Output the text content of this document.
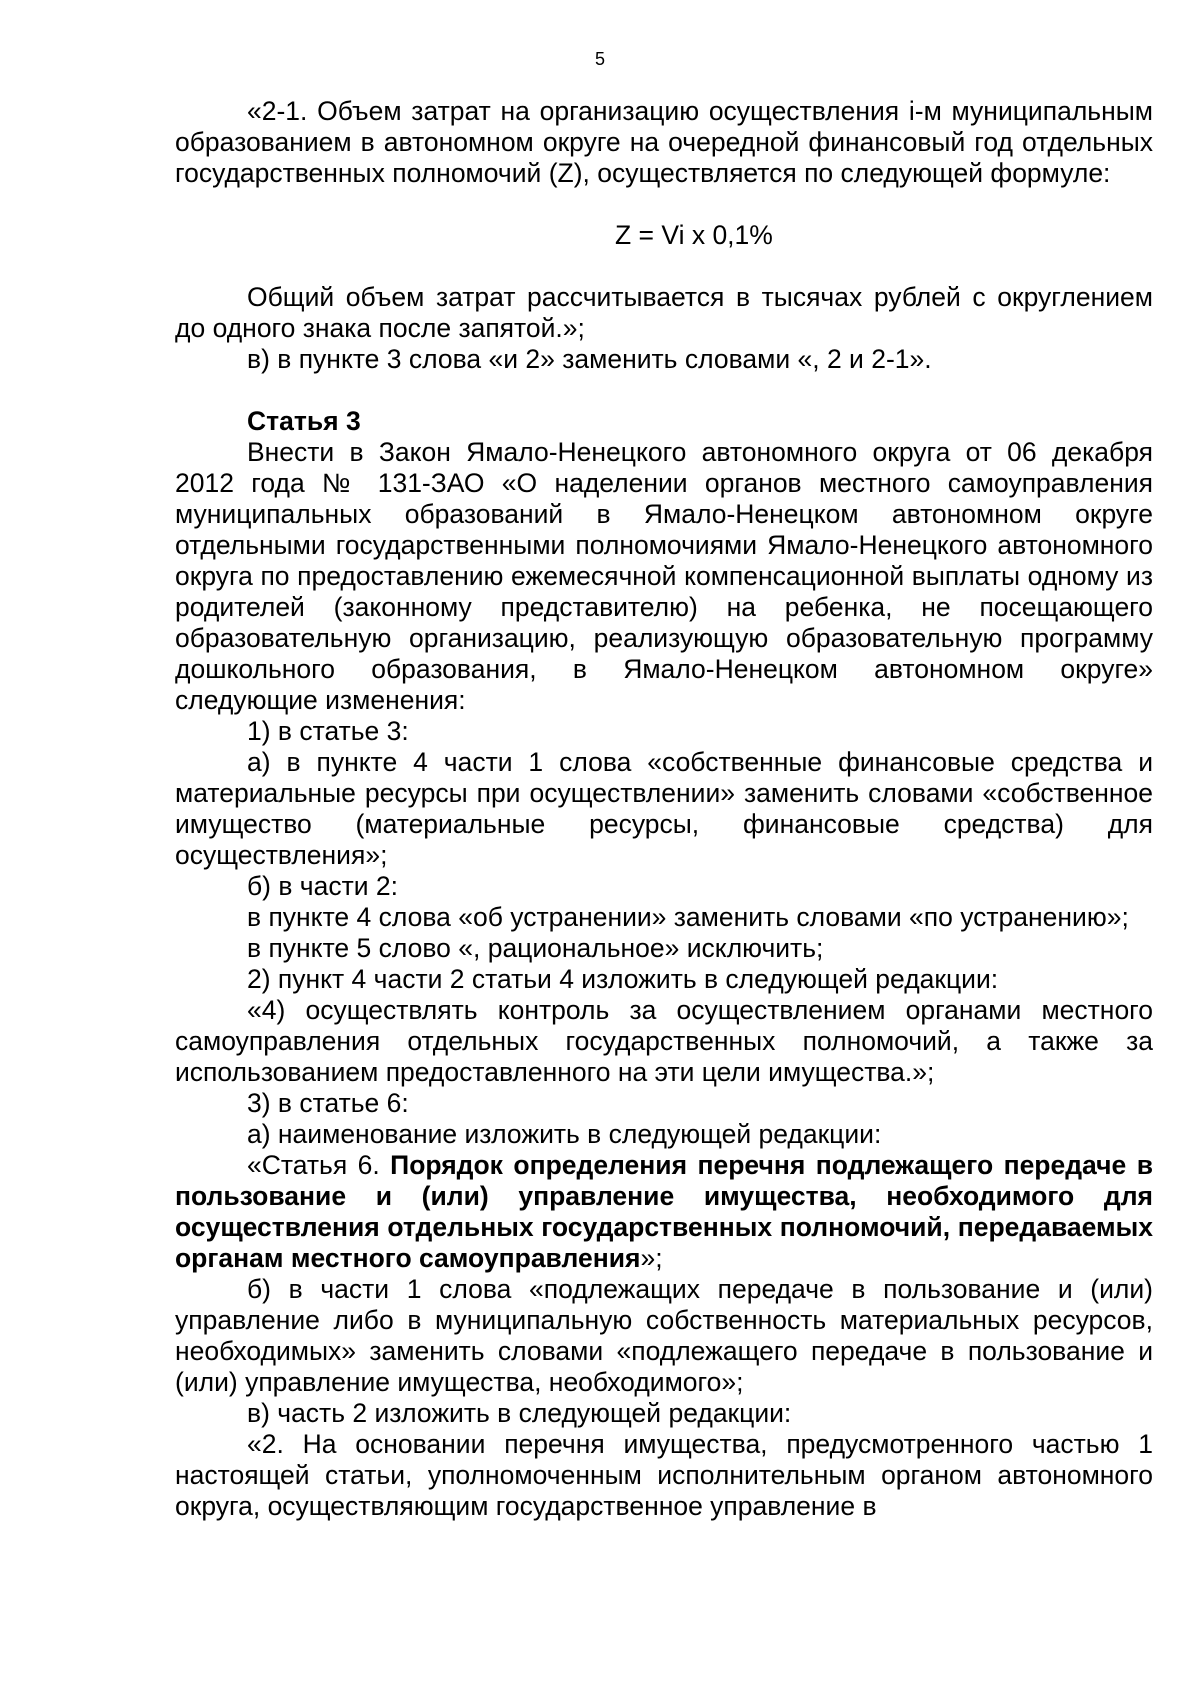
5

«2-1. Объем затрат на организацию осуществления i-м муниципальным образованием в автономном округе на очередной финансовый год отдельных государственных полномочий (Z), осуществляется по следующей формуле:

Z = Vi x 0,1%

Общий объем затрат рассчитывается в тысячах рублей с округлением до одного знака после запятой.»;

в) в пункте 3 слова «и 2» заменить словами «, 2 и 2-1».

Статья 3

Внести в Закон Ямало-Ненецкого автономного округа от 06 декабря 2012 года № 131-ЗАО «О наделении органов местного самоуправления муниципальных образований в Ямало-Ненецком автономном округе отдельными государственными полномочиями Ямало-Ненецкого автономного округа по предоставлению ежемесячной компенсационной выплаты одному из родителей (законному представителю) на ребенка, не посещающего образовательную организацию, реализующую образовательную программу дошкольного образования, в Ямало-Ненецком автономном округе» следующие изменения:

1) в статье 3:

а) в пункте 4 части 1 слова «собственные финансовые средства и материальные ресурсы при осуществлении» заменить словами «собственное имущество (материальные ресурсы, финансовые средства) для осуществления»;

б) в части 2:

в пункте 4 слова «об устранении» заменить словами «по устранению»;

в пункте 5 слово «, рациональное» исключить;

2) пункт 4 части 2 статьи 4 изложить в следующей редакции:

«4) осуществлять контроль за осуществлением органами местного самоуправления отдельных государственных полномочий, а также за использованием предоставленного на эти цели имущества.»;

3) в статье 6:

а) наименование изложить в следующей редакции:

«Статья 6. Порядок определения перечня подлежащего передаче в пользование и (или) управление имущества, необходимого для осуществления отдельных государственных полномочий, передаваемых органам местного самоуправления»;

б) в части 1 слова «подлежащих передаче в пользование и (или) управление либо в муниципальную собственность материальных ресурсов, необходимых» заменить словами «подлежащего передаче в пользование и (или) управление имущества, необходимого»;

в) часть 2 изложить в следующей редакции:

«2. На основании перечня имущества, предусмотренного частью 1 настоящей статьи, уполномоченным исполнительным органом автономного округа, осуществляющим государственное управление в
